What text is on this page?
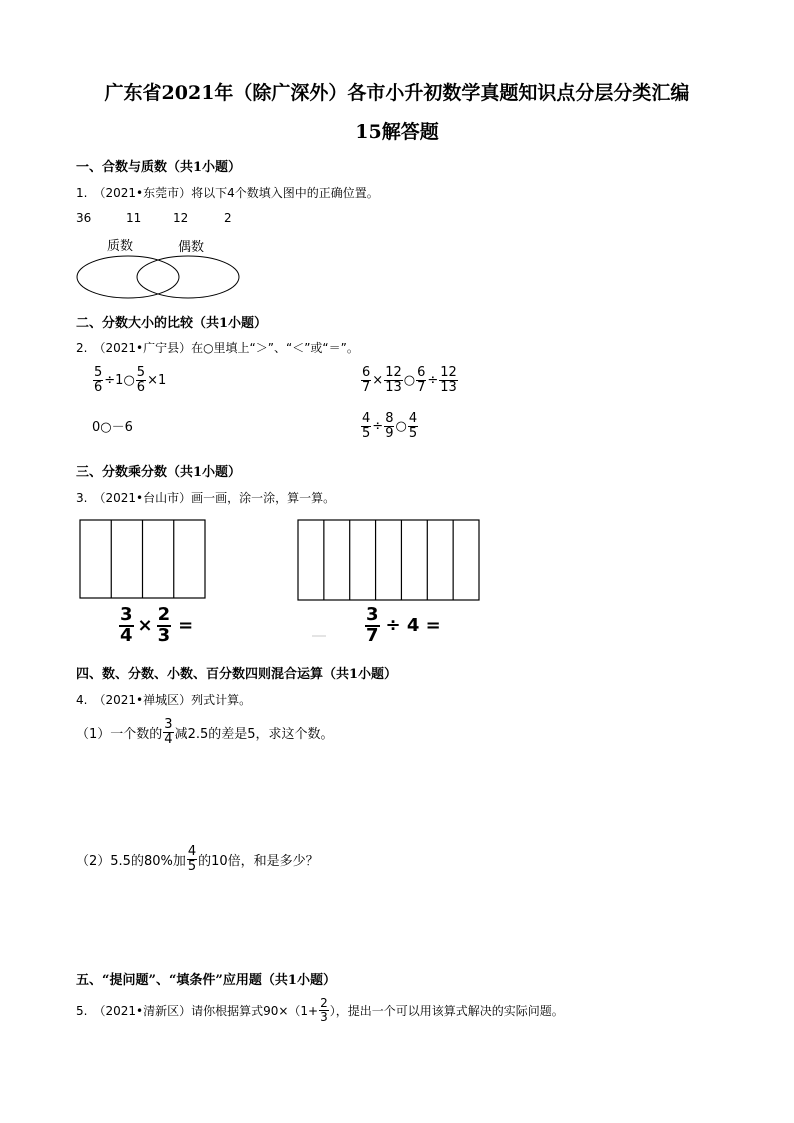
广东省2021年（除广深外）各市小升初数学真题知识点分层分类汇编
15解答题
一、合数与质数（共1小题）
1.　（2021•东莞市）将以下4个数填入图中的正确位置。
36	11	12	2
质数	偶数
二、分数大小的比较（共1小题）
2.　（2021•广宁县）在○里填上“＞”、“＜”或“＝”。
$\frac{5}{6}$ ÷1○ $\frac{5}{6} \times 1$	$\frac{6}{7} \times \frac{12}{13}$ ○ $\frac{6}{7} \div \frac{12}{13}$
0○－6	$\frac{4}{5} \div \frac{8}{9}$ ○ $\frac{4}{5}$
三、分数乘分数（共1小题）
3.　（2021•台山市）画一画，涂一涂，算一算。
$\frac{3}{4} \times \frac{2}{3}$ =	$\frac{3}{7} \div 4$ =
四、数、分数、小数、百分数四则混合运算（共1小题）
4.　（2021•禅城区）列式计算。
（1）一个数的 $\frac{3}{4}$ 减2.5的差是5，求这个数。
（2）5.5的80%加 $\frac{4}{5}$ 的10倍，和是多少？
五、“提问题”、“填条件”应用题（共1小题）
5.　（2021•清新区）请你根据算式$90\times(1+ \frac{2}{3}$ ），提出一个可以用该算式解决的实际问题。
